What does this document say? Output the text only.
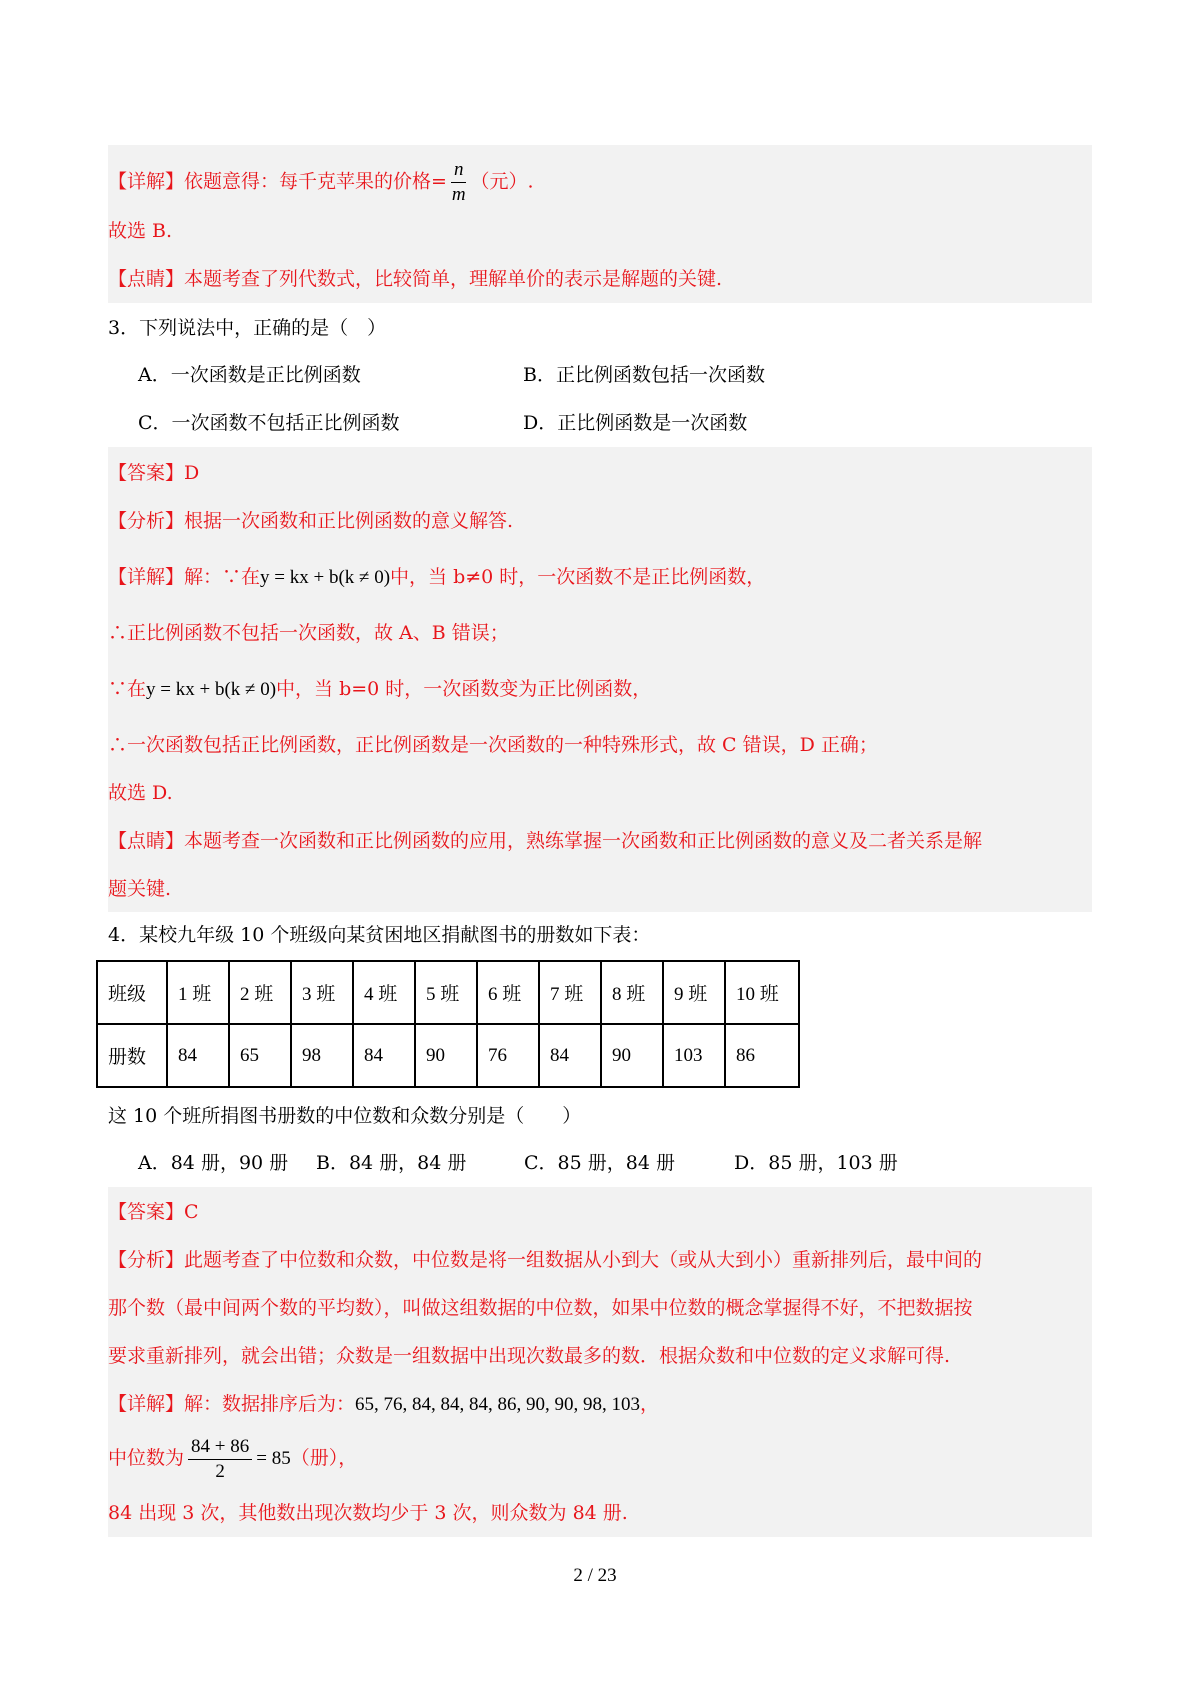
【详解】依题意得：每千克苹果的价格= $\frac{n}{m}$ （元）.
故选 B.
【点睛】本题考查了列代数式，比较简单，理解单价的表示是解题的关键.
3．下列说法中，正确的是（　）
A．一次函数是正比例函数	B．正比例函数包括一次函数
C．一次函数不包括正比例函数	D．正比例函数是一次函数
【答案】D
【分析】根据一次函数和正比例函数的意义解答.
【详解】解：∵在y = kx + b(k ≠ 0)中，当 b≠0 时，一次函数不是正比例函数，
∴正比例函数不包括一次函数，故 A、B 错误；
∵在y = kx + b(k ≠ 0)中，当 b=0 时，一次函数变为正比例函数，
∴一次函数包括正比例函数，正比例函数是一次函数的一种特殊形式，故 C 错误，D 正确；
故选 D.
【点睛】本题考查一次函数和正比例函数的应用，熟练掌握一次函数和正比例函数的意义及二者关系是解
题关键.
4．某校九年级 10 个班级向某贫困地区捐献图书的册数如下表：
班级	1 班	2 班	3 班	4 班	5 班	6 班	7 班	8 班	9 班	10 班
册数	84	65	98	84	90	76	84	90	103	86
这 10 个班所捐图书册数的中位数和众数分别是（　　）
A．84 册，90 册 B．84 册，84 册	C．85 册，84 册	D．85 册，103 册
【答案】C
【分析】此题考查了中位数和众数，中位数是将一组数据从小到大（或从大到小）重新排列后，最中间的
那个数（最中间两个数的平均数），叫做这组数据的中位数，如果中位数的概念掌握得不好，不把数据按
要求重新排列，就会出错；众数是一组数据中出现次数最多的数．根据众数和中位数的定义求解可得.
【详解】解：数据排序后为：65, 76, 84, 84, 84, 86, 90, 90, 98, 103，
中位数为 $\frac{84 + 86}{2} = 85$（册），
84 出现 3 次，其他数出现次数均少于 3 次，则众数为 84 册.
2 / 23
